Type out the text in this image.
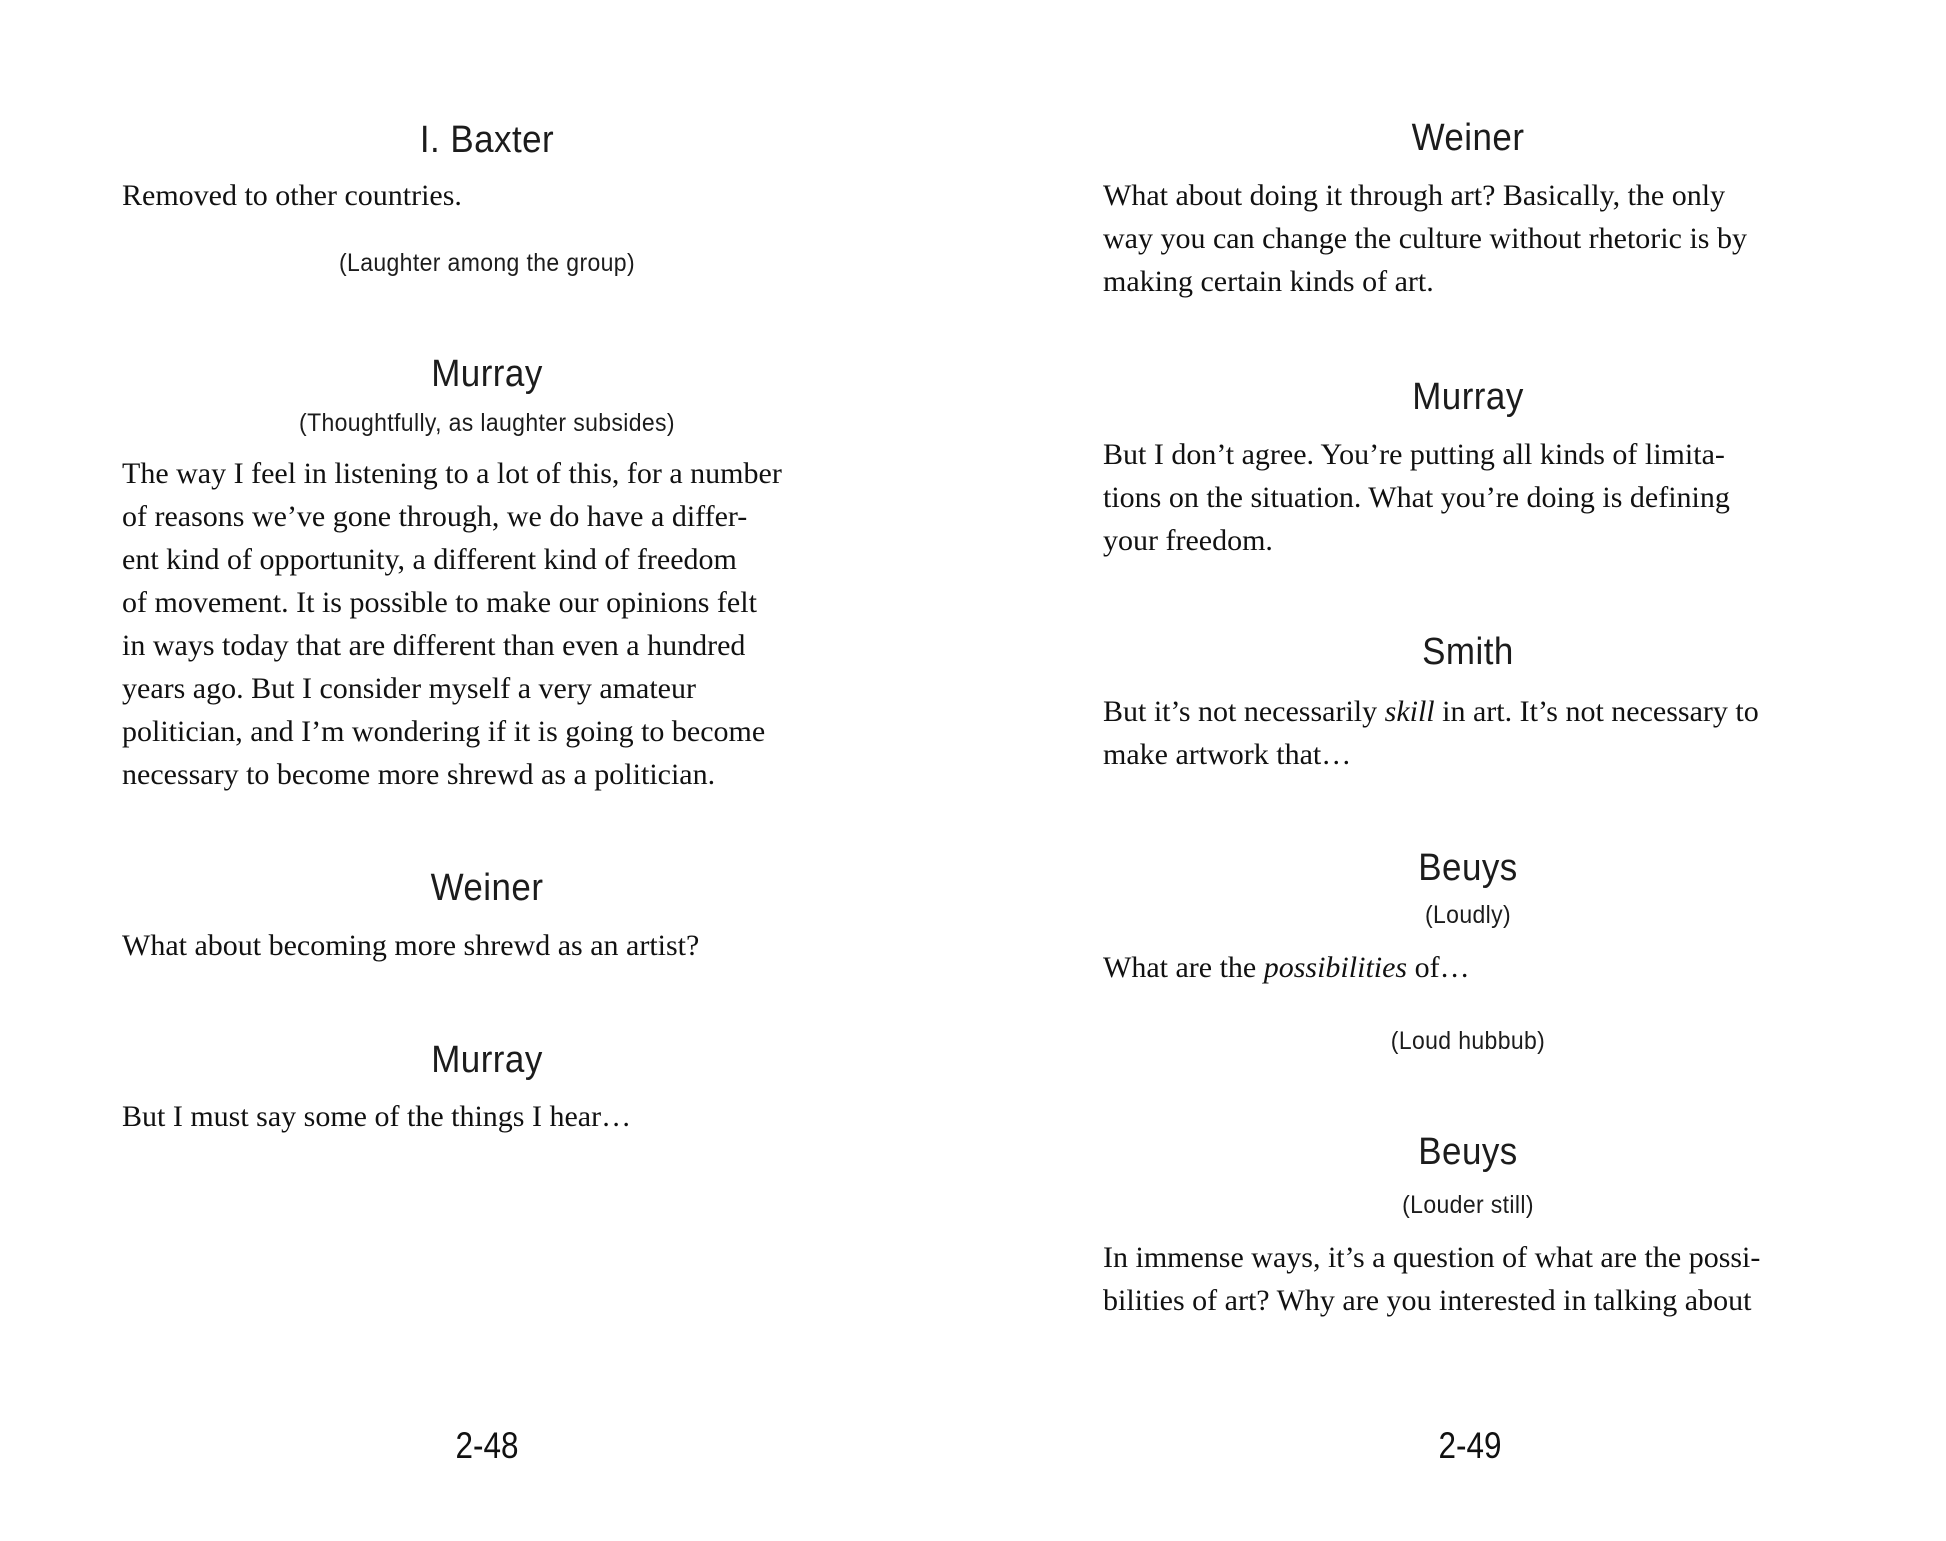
I. Baxter
Removed to other countries.
(Laughter among the group)
Murray
(Thoughtfully, as laughter subsides)
The way I feel in listening to a lot of this, for a number
of reasons we’ve gone through, we do have a differ-
ent kind of opportunity, a different kind of freedom
of movement. It is possible to make our opinions felt
in ways today that are different than even a hundred
years ago. But I consider myself a very amateur
politician, and I’m wondering if it is going to become
necessary to become more shrewd as a politician.
Weiner
What about becoming more shrewd as an artist?
Murray
But I must say some of the things I hear…
2-48
Weiner
What about doing it through art? Basically, the only
way you can change the culture without rhetoric is by
making certain kinds of art.
Murray
But I don’t agree. You’re putting all kinds of limita-
tions on the situation. What you’re doing is defining
your freedom.
Smith
But it’s not necessarily skill in art. It’s not necessary to
make artwork that…
Beuys
(Loudly)
What are the possibilities of…
(Loud hubbub)
Beuys
(Louder still)
In immense ways, it’s a question of what are the possi-
bilities of art? Why are you interested in talking about
2-49
